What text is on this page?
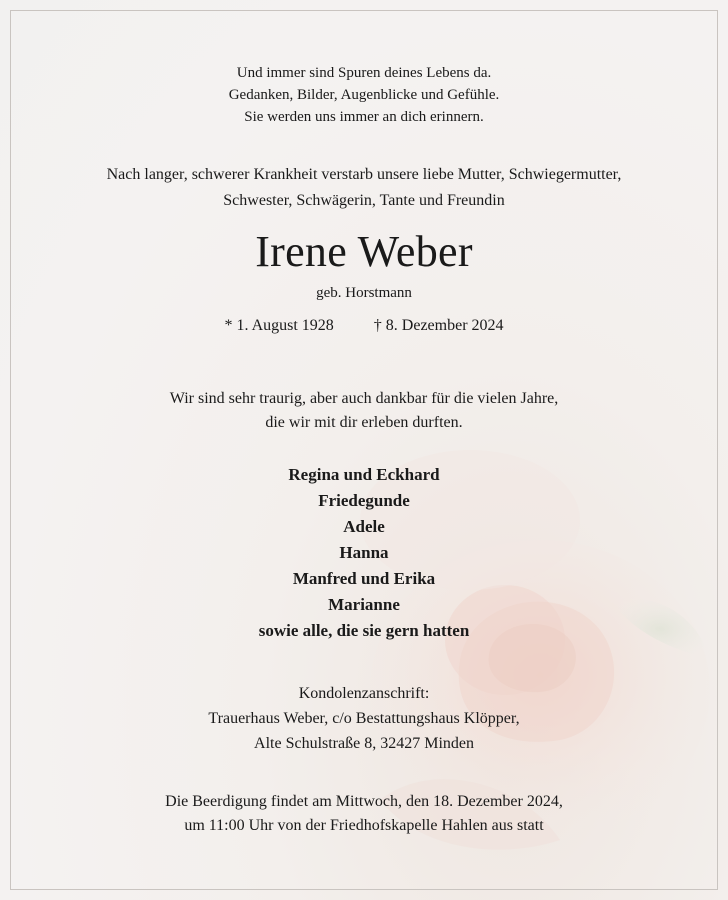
Und immer sind Spuren deines Lebens da.
Gedanken, Bilder, Augenblicke und Gefühle.
Sie werden uns immer an dich erinnern.
Nach langer, schwerer Krankheit verstarb unsere liebe Mutter, Schwiegermutter,
Schwester, Schwägerin, Tante und Freundin
Irene Weber
geb. Horstmann
* 1. August 1928	† 8. Dezember 2024
Wir sind sehr traurig, aber auch dankbar für die vielen Jahre,
die wir mit dir erleben durften.
Regina und Eckhard
Friedegunde
Adele
Hanna
Manfred und Erika
Marianne
sowie alle, die sie gern hatten
Kondolenzanschrift:
Trauerhaus Weber, c/o Bestattungshaus Klöpper,
Alte Schulstraße 8, 32427 Minden
Die Beerdigung findet am Mittwoch, den 18. Dezember 2024,
um 11:00 Uhr von der Friedhofskapelle Hahlen aus statt
